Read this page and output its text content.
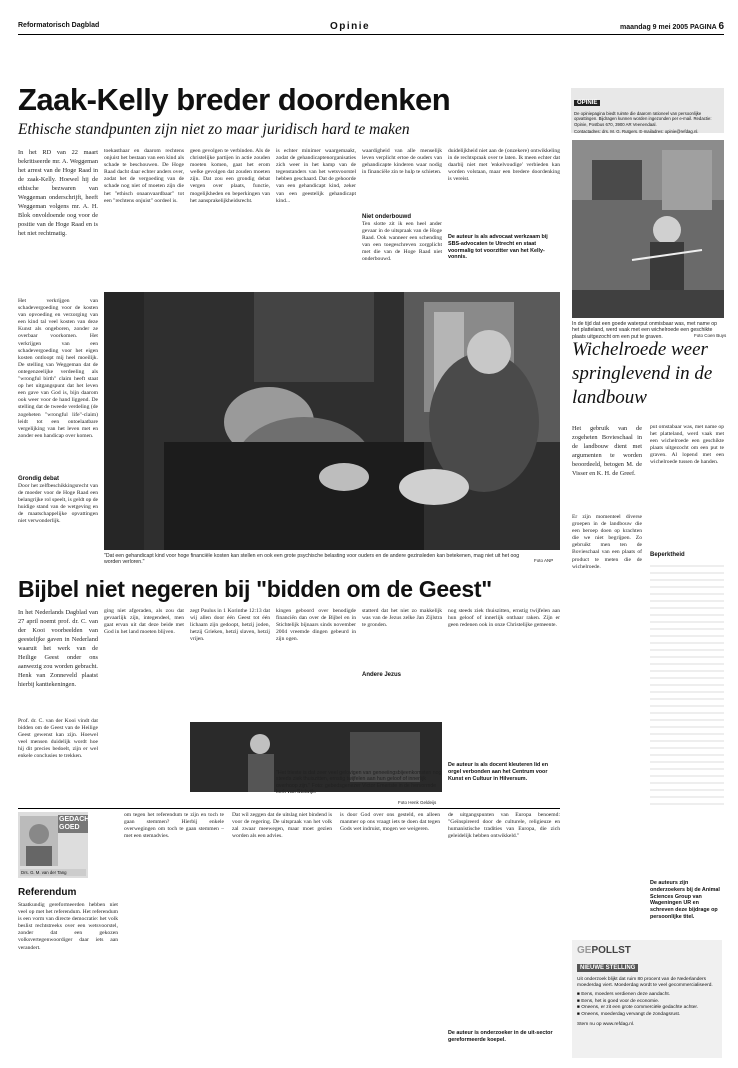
Reformatorisch Dagblad	Opinie	maandag 9 mei 2005 PAGINA 6
Zaak-Kelly breder doordenken
Ethische standpunten zijn niet zo maar juridisch hard te maken
In het RD van 22 maart bekritiseerde mr. A. Weggeman het arrest van de Hoge Raad in de zaak-Kelly. Hoewel hij de ethische bezwaren van Weggeman onderschrijft, heeft Weggeman volgens mr. A. H. Blok onvoldoende oog voor de positie van de Hoge Raad en is het niet rechtmatig.
Het verkrijgen van schadevergoeding voor de kosten van opvoeding en verzorging van een kind tal veel kosten van deze Kunst als ongeboren, zonder ze overbaar voorkomen. Het verkrijgen van een schadevergoeding voor het eigen kosten ontloopt mij heel moeilijk. De stelling van Weggeman dat de ontegenzeelijke verdeeling als "wrongful birth" claim heeft staat op het uitgangspunt dat het leven een gave van God is, bijn daarom ook weer voor de hand liggend. De stelling dat de tweede verdeling (de zogeheten "wrongful life"-claim) leidt tot een ontoelaatbare vergelijking van het leven met en zonder een handicap over komen.
Grondig debat
Door het zelfbeschikkingsrecht van de moeder voor de Hoge Raad een belangrijke rol speelt, is geldt op de huidige stand van de wetgeving en de maatschappelijke opvattingen niet verwonderlijk.
toekasthaar en daarom rechtens onjuist het bestaan van een kind als schade te beschouwen. De Hoge Raad dacht daar echter anders over, zodat het de vergoeding van de schade nog niet of moeten zijn die het "ethisch onaanvaardbaar" tot een "rechtens onjuist" oordeel is.
geen gevolgen te verbinden. Als de christelijke partijen in actie zouden moeten komen, gaat het erom welke gevolgen dat zouden moeten zijn. Dat zou een grondig debat vergen over plaats, functie, mogelijkheden en beperkingen van het aansprakelijkheidsrecht.
is echter minimer waargemaakt, zodat de gehandicaptenorganisaties zich weer in het kamp van de tegenstanders van het wetsvoorstel hebben geschaard. Dat de gehoorde van een gehandicapt kind, zeker van een geestelijk gehandicapt kind...
waardigheid van alle menselijk leven verplicht ertoe de ouders van gehandicapte kinderen waar nodig in financiële zin te hulp te schieten.
Niet onderbouwd
Ten slotte zit ik een heel ander gevaar in de uitspraak van de Hoge Raad. Ook wanneer een schending van een toegeschreven zorgplicht met die van de Hoge Raad niet onderbouwd.
duidelijkheid niet aan de (onzekere) ontwikkeling in de rechtspraak over te laten. Ik meen echter dat daarbij niet met 'enkelvoudige' verbieden kan worden volstaan, maar een bredere doordenking is vereist.
De auteur is als advocaat werkzaam bij SBS-advocaten te Utrecht en staat voormalig tot voorzitter van het Kelly-vonnis.
"Dat een gehandicapt kind voor hoge financiële kosten kan stellen en ook een grote psychische belasting voor ouders en de andere gezinsleden kan betekenen, mag niet uit het oog worden verloren."	Foto ANP
OPINIE
De opiniepagina biedt ruimte die daarom rationeel van persoonlijke opvattingen. Bijdragen kunnen worden ingezonden per e-mail. Redactie: Opinie, Postbus 670, 3900 AR Veenendaal.
Contactadres: drs. M. G. Rutgers. E-mailadres: opinie@refdag.nl.
In de tijd dat een goede waterput onmisbaar was, met name op het platteland, werd vaak met een wichelroede een geschikte plaats uitgezocht om een put te graven.	Foto Coen Buys
Wichelroede weer springlevend in de landbouw
Het gebruik van de zogeheten Bovieschaal in de landbouw dient met argumenten te worden beoordeeld, betogen M. de Visser en K. H. de Greef.
Er zijn momenteel diverse groepen in de landbouw die een beroep doen op krachten die we niet begrijpen. Zo gebruikt men ten de Bovieschaal van een plaats of product te meten die de wichelroede.
put omstabaar was, met name op het platteland, werd vaak met een wichelroede een geschikte plaats uitgezocht om een put te graven. Al lopend met een wichelroede tussen de handen.
Beperktheid
De auteurs zijn onderzoekers bij de Animal Sciences Group van Wageningen UR en schreven deze bijdrage op persoonlijke titel.
Bijbel niet negeren bij "bidden om de Geest"
In het Nederlands Dagblad van 27 april noemt prof. dr. C. van der Kooi voorbeelden van geestelijke gaven in Nederland waaruit het werk van de Heilige Geest onder ons aanwezig zou worden gebracht. Henk van Zonneveld plaatst hierbij kanttekeningen.
Prof. dr. C. van der Kooi vindt dat bidden om de Geest van de Heilige Geest gewenst kan zijn. Hoewel veel mensen duidelijk wordt hoe hij dit precies bedoelt, zijn er wel enkele conclusies te trekken.
ging niet afgeraden, als zou dat gevaarlijk zijn, integendeel, men gaat ervan uit dat deze beide met God in het land moeten blijven.
zegt Paulus in 1 Korinthe 12:13 dat wij allen door één Geest tot één lichaam zijn gedoopt, hetzij joden, hetzij Grieken, hetzij slaven, hetzij vrijen.
kingen geboord over benodigde financiën dan over de Bijbel en in Stichtelijk bijnaars sinds november 2004 vreemde dingen gebeurd in zijn ogen.
Andere Jezus
statterd dat het niet zo makkelijk was van de Jezus zelke Jan Zijlstra te gronden.
nog steeds ziek thuiszitten, ernstig twijfelen aan hun geloof of innerlijk onthaar raken. Zijn er geen redenen ook in onze Christelijke gemeente.
De auteur is als docent kleuteren lid en orgel verbonden aan het Centrum voor Kunst en Cultuur in Hilversum.
"Het trieste is dat zeer veel gelovigen van geneeiingsbijeenkomsten nog steeds ziek thuiszitten, ernstig twijfelen aan hun geloof of innerlijk overhoop zijn." Foto: gebedsgenezer Victor Emeriste in de hervormde kerk van Stolwijk.
Foto Henk Geldeijs
GEDACHTE GOED
Drs. G. M. van der Tang
Referendum
Staatkundig gereformeerden hebben niet veel op met het referendum. Het referendum is een vorm van directe democratie: het volk beslist rechtstreeks over een wetsvoorstel, zonder dat een gekozen volksvertegenwoordiger daar iets aan verandert.
om tegen het referendum te zijn en toch te gaan stemmen? Hierbij enkele overwegingen om toch te gaan stemmen – met een stemadvies.
Dat wil zeggen dat de uitslag niet bindend is voor de regering. De uitspraak van het volk zal zwaar meewegen, maar moet gezien worden als een advies.
is door God over ons gesteld, en alleen manmer op ons vraagt iets te doen dat tegen Gods wet indruist, mogen we weigeren.
de uitgangspunten van Europa benoemd: "Geïnspireerd door de culturele, religieuze en humanistische tradities van Europa, die zich geleidelijk hebben ontwikkeld."
De auteur is onderzoeker in de uit-sector gereformeerde koepel.
GEPOLLST
NIEUWE STELLING
Uit onderzoek blijkt dat ruim 80 procent van de Nederlanders moederdag viert. Moederdag wordt te veel gecommercialiseerd.
■ Eens, moeders verdienen deze aandacht.
■ Eens, het is goed voor de economie.
■ Oneens, er zit een grote commerciële gedachte achter.
■ Oneens, moederdag vervangt de zondagsrust.
Stem nu op www.refdag.nl.
